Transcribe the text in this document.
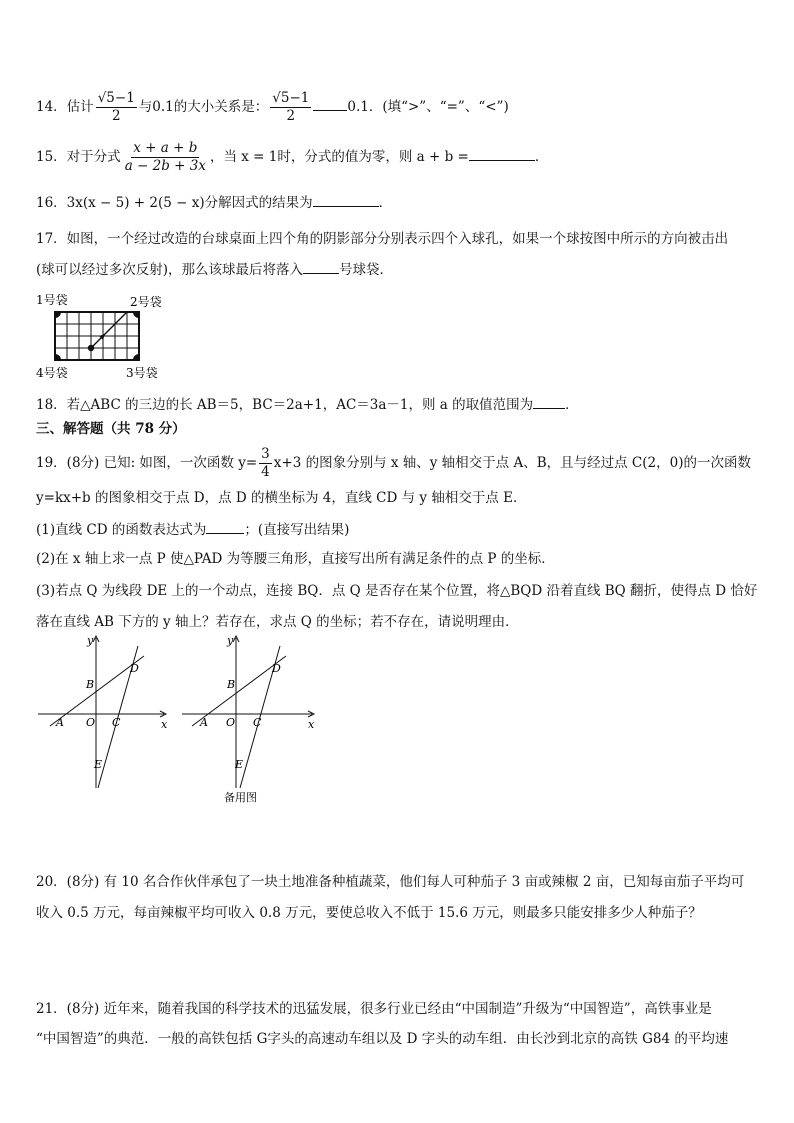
14．估计 $\frac{√5-1}{2}$ 与0.1的大小关系是： $\frac{√5-1}{2}$	0.1．(填“>”、“=”、“<”)
15．对于分式 $\frac{x + a + b}{a - 2b + 3x}$ ，当 x = 1时，分式的值为零，则 a + b =	．
16．3x(x − 5) + 2(5 − x)分解因式的结果为	．
17．如图，一个经过改造的台球桌面上四个角的阴影部分分别表示四个入球孔，如果一个球按图中所示的方向被击出
(球可以经过多次反射)，那么该球最后将落入	号球袋．
1号袋	2号袋
4号袋	3号袋
18．若△ABC 的三边的长 AB＝5，BC＝2a+1，AC＝3a－1，则 a 的取值范围为 ．
三、解答题（共 78 分）
19．(8分) 已知: 如图，一次函数 $y= \frac{3}{4} x+3$ 的图象分别与 x 轴、y 轴相交于点 A、B，且与经过点 C(2，0)的一次函数
y=kx+b 的图象相交于点 D，点 D 的横坐标为 4，直线 CD 与 y 轴相交于点 E．
(1)直线 CD 的函数表达式为	；(直接写出结果)
(2)在 x 轴上求一点 P 使△PAD 为等腰三角形，直接写出所有满足条件的点 P 的坐标．
(3)若点 Q 为线段 DE 上的一个动点，连接 BQ．点 Q 是否存在某个位置，将△BQD 沿着直线 BQ 翻折，使得点 D 恰好
落在直线 AB 下方的 y 轴上？若存在，求点 Q 的坐标；若不存在，请说明理由．
y
x
A
B
O C
D
E
y
x
A
B
O C
D
E
备用图
20．(8分) 有 10 名合作伙伴承包了一块土地准备种植蔬菜，他们每人可种茄子 3 亩或辣椒 2 亩，已知每亩茄子平均可
收入 0.5 万元，每亩辣椒平均可收入 0.8 万元，要使总收入不低于 15.6 万元，则最多只能安排多少人种茄子？
21．(8分) 近年来，随着我国的科学技术的迅猛发展，很多行业已经由“中国制造”升级为“中国智造”，高铁事业是
“中国智造”的典范．一般的高铁包括 G字头的高速动车组以及 D 字头的动车组．由长沙到北京的高铁 G84 的平均速
